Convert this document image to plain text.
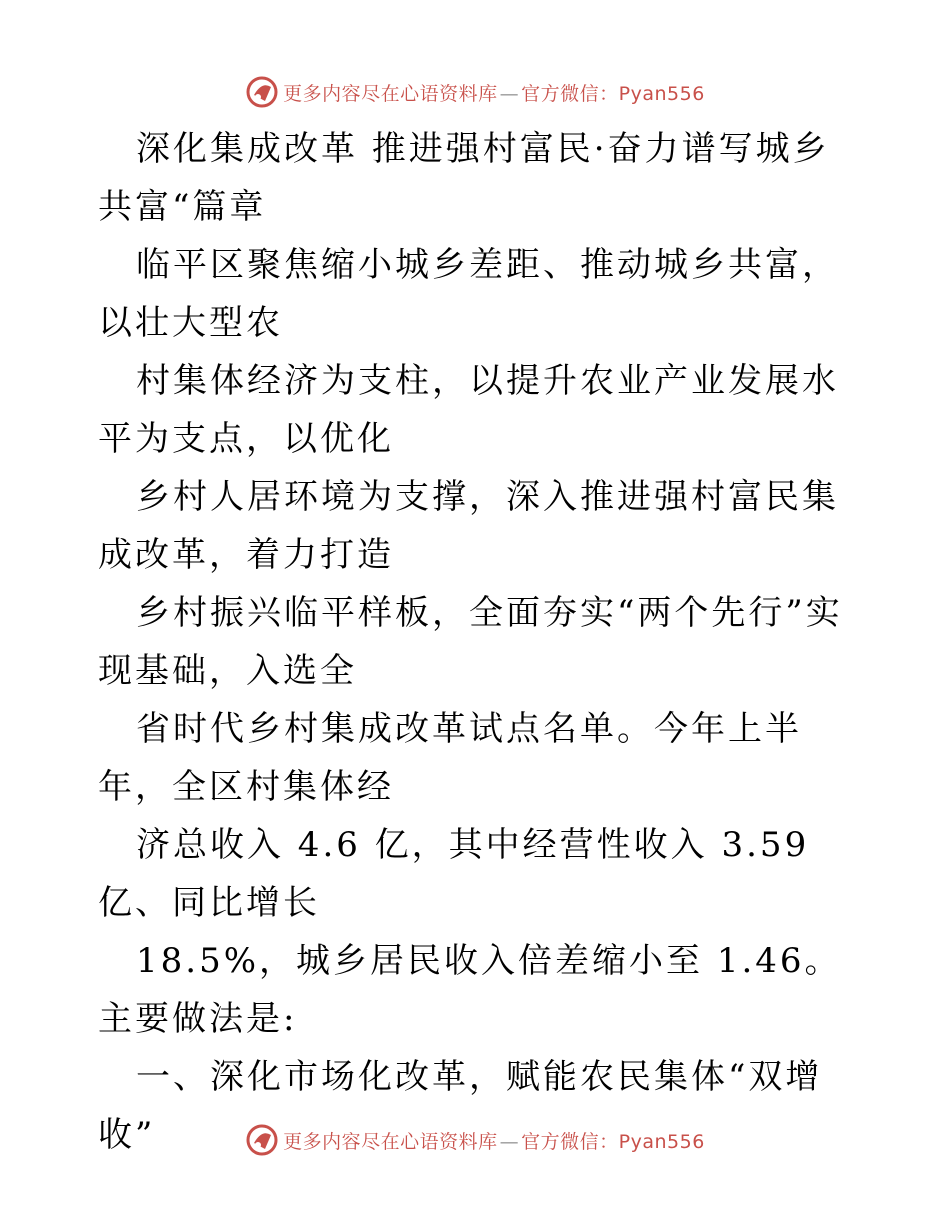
更多内容尽在心语资料库 — 官方微信：Pyan556

深化集成改革 推进强村富民·奋力谱写城乡共富“篇章

临平区聚焦缩小城乡差距、推动城乡共富，以壮大型农

村集体经济为支柱，以提升农业产业发展水平为支点，以优化

乡村人居环境为支撑，深入推进强村富民集成改革，着力打造

乡村振兴临平样板，全面夯实“两个先行”实现基础，入选全

省时代乡村集成改革试点名单。今年上半年，全区村集体经

济总收入 4.6 亿，其中经营性收入 3.59 亿、同比增长

18.5%，城乡居民收入倍差缩小至 1.46。主要做法是:

一、深化市场化改革，赋能农民集体“双增收”	更多内容尽在心语资料库 — 官方微信：Pyan556
